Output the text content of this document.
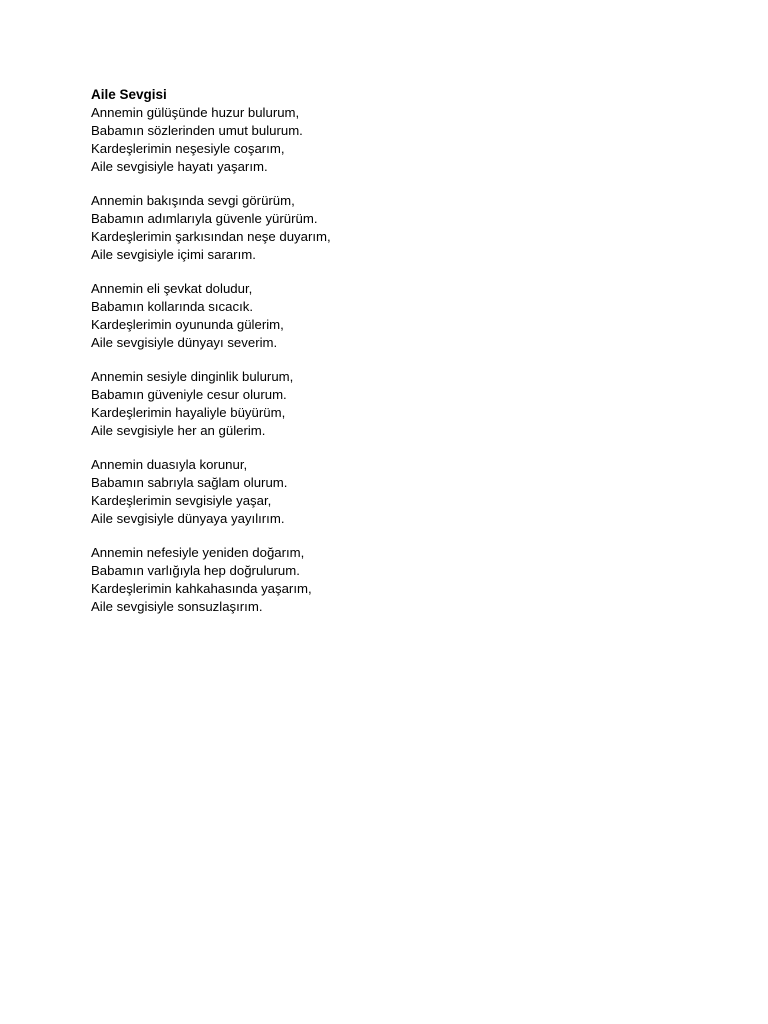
Aile Sevgisi
Annemin gülüşünde huzur bulurum,
Babamın sözlerinden umut bulurum.
Kardeşlerimin neşesiyle coşarım,
Aile sevgisiyle hayatı yaşarım.
Annemin bakışında sevgi görürüm,
Babamın adımlarıyla güvenle yürürüm.
Kardeşlerimin şarkısından neşe duyarım,
Aile sevgisiyle içimi sararım.
Annemin eli şevkat doludur,
Babamın kollarında sıcacık.
Kardeşlerimin oyununda gülerim,
Aile sevgisiyle dünyayı severim.
Annemin sesiyle dinginlik bulurum,
Babamın güveniyle cesur olurum.
Kardeşlerimin hayaliyle büyürüm,
Aile sevgisiyle her an gülerim.
Annemin duasıyla korunur,
Babamın sabrıyla sağlam olurum.
Kardeşlerimin sevgisiyle yaşar,
Aile sevgisiyle dünyaya yayılırım.
Annemin nefesiyle yeniden doğarım,
Babamın varlığıyla hep doğrulurum.
Kardeşlerimin kahkahasında yaşarım,
Aile sevgisiyle sonsuzlaşırım.
